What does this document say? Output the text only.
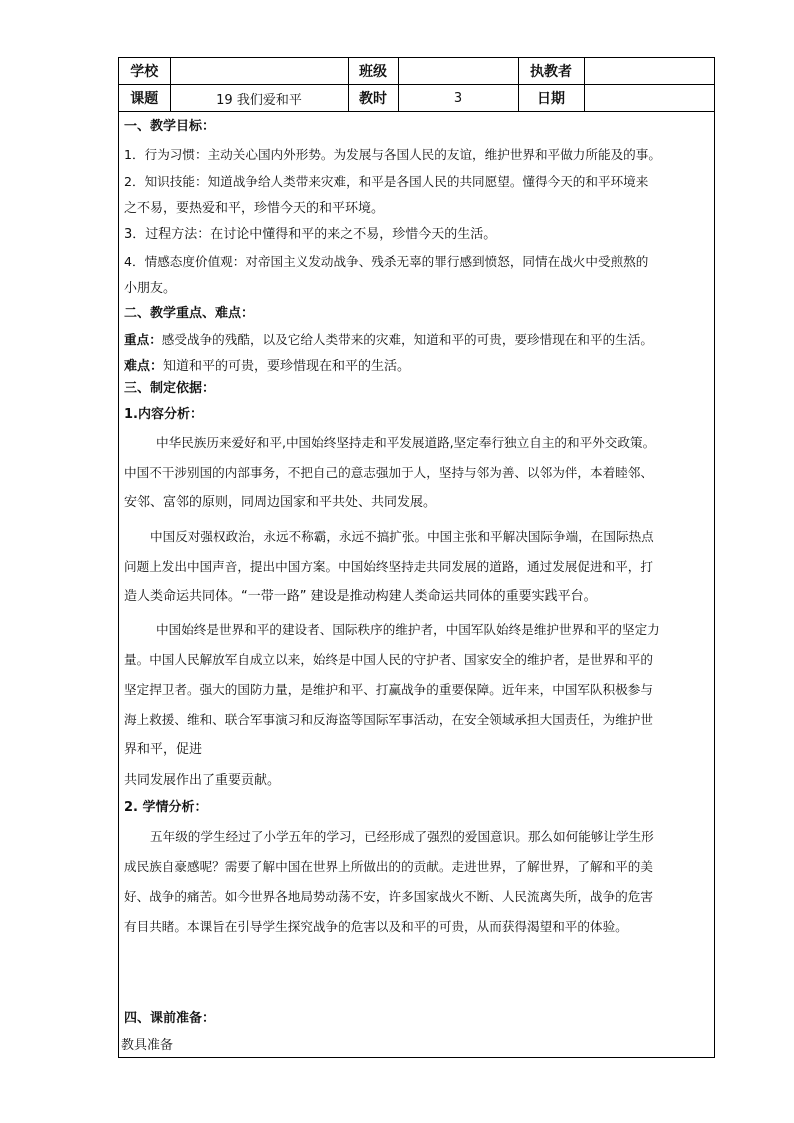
学校		班级		执教者	
课题	19 我们爱和平	教时	3	日期	
一、教学目标：
1．行为习惯：主动关心国内外形势。为发展与各国人民的友谊，维护世界和平做力所能及的事。
2．知识技能：知道战争给人类带来灾难，和平是各国人民的共同愿望。懂得今天的和平环境来
之不易，要热爱和平，珍惜今天的和平环境。
3．过程方法：在讨论中懂得和平的来之不易，珍惜今天的生活。
4．情感态度价值观：对帝国主义发动战争、残杀无辜的罪行感到愤怒，同情在战火中受煎熬的
小朋友。
二、教学重点、难点：
重点：感受战争的残酷，以及它给人类带来的灾难，知道和平的可贵，要珍惜现在和平的生活。
难点：知道和平的可贵，要珍惜现在和平的生活。
三、制定依据：
1.内容分析：
中华民族历来爱好和平,中国始终坚持走和平发展道路,坚定奉行独立自主的和平外交政策。
中国不干涉别国的内部事务，不把自己的意志强加于人，坚持与邻为善、以邻为伴，本着睦邻、
安邻、富邻的原则，同周边国家和平共处、共同发展。
中国反对强权政治，永远不称霸，永远不搞扩张。中国主张和平解决国际争端，在国际热点
问题上发出中国声音，提出中国方案。中国始终坚持走共同发展的道路，通过发展促进和平，打
造人类命运共同体。“一带一路” 建设是推动构建人类命运共同体的重要实践平台。
中国始终是世界和平的建设者、国际秩序的维护者，中国军队始终是维护世界和平的坚定力
量。中国人民解放军自成立以来，始终是中国人民的守护者、国家安全的维护者，是世界和平的
坚定捍卫者。强大的国防力量，是维护和平、打赢战争的重要保障。近年来，中国军队积极参与
海上救援、维和、联合军事演习和反海盗等国际军事活动，在安全领域承担大国责任，为维护世
界和平，促进
共同发展作出了重要贡献。
2. 学情分析：
五年级的学生经过了小学五年的学习，已经形成了强烈的爱国意识。那么如何能够让学生形
成民族自豪感呢？需要了解中国在世界上所做出的的贡献。走进世界，了解世界，了解和平的美
好、战争的痛苦。如今世界各地局势动荡不安，许多国家战火不断、人民流离失所，战争的危害
有目共睹。本课旨在引导学生探究战争的危害以及和平的可贵，从而获得渴望和平的体验。
四、课前准备：
教具准备
